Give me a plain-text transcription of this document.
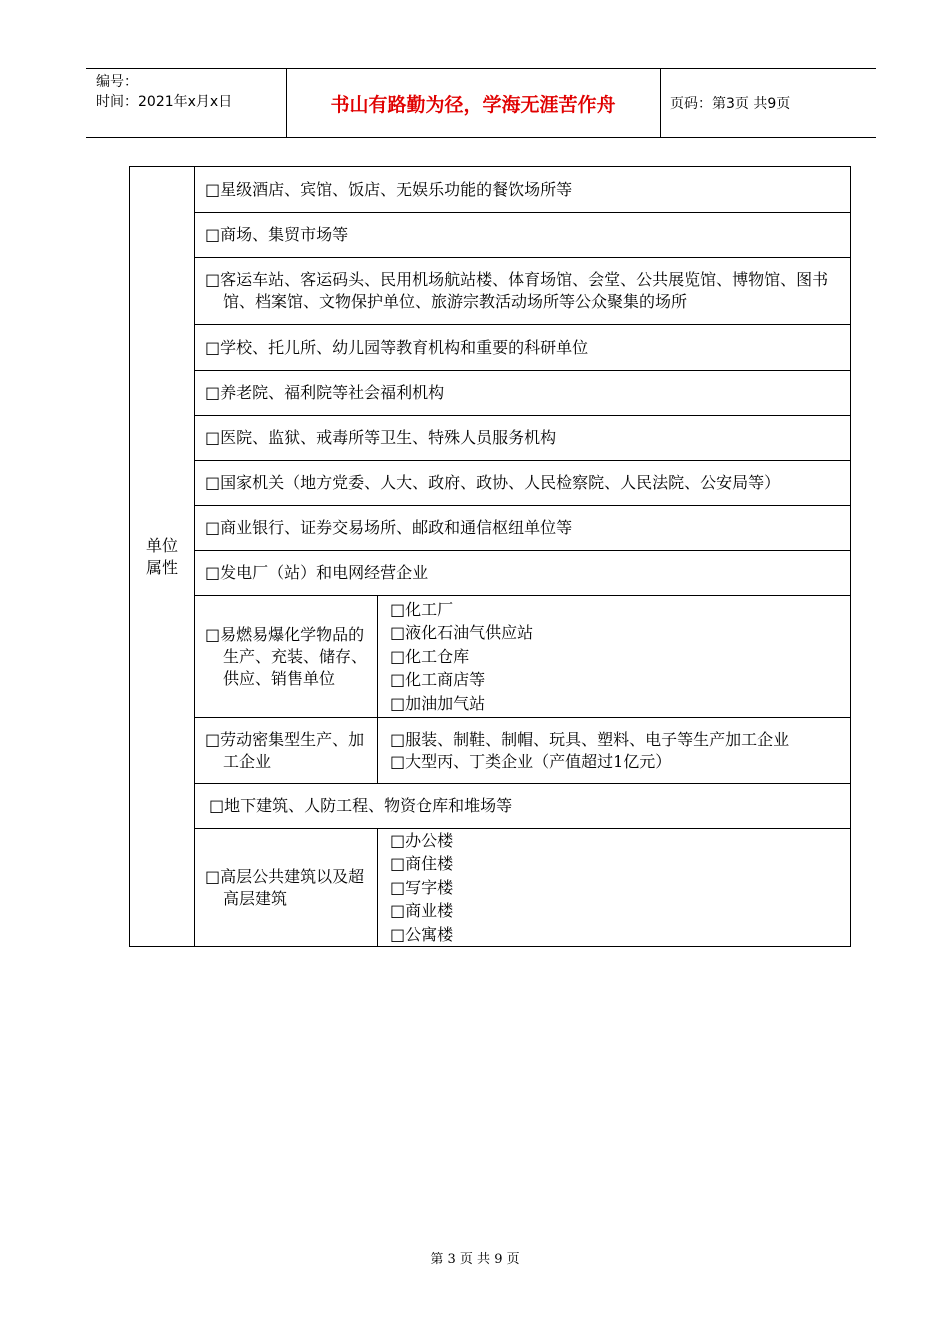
编号：
时间：2021年x月x日	书山有路勤为径，学海无涯苦作舟	页码：第3页 共9页
单位属性
□星级酒店、宾馆、饭店、无娱乐功能的餐饮场所等
□商场、集贸市场等
□客运车站、客运码头、民用机场航站楼、体育场馆、会堂、公共展览馆、博物馆、图书馆、档案馆、文物保护单位、旅游宗教活动场所等公众聚集的场所
□学校、托儿所、幼儿园等教育机构和重要的科研单位
□养老院、福利院等社会福利机构
□医院、监狱、戒毒所等卫生、特殊人员服务机构
□国家机关（地方党委、人大、政府、政协、人民检察院、人民法院、公安局等）
□商业银行、证券交易场所、邮政和通信枢纽单位等
□发电厂（站）和电网经营企业
□易燃易爆化学物品的生产、充装、储存、供应、销售单位
□化工厂
□液化石油气供应站
□化工仓库
□化工商店等
□加油加气站
□劳动密集型生产、加工企业
□服装、制鞋、制帽、玩具、塑料、电子等生产加工企业
□大型丙、丁类企业（产值超过1亿元）
□地下建筑、人防工程、物资仓库和堆场等
□高层公共建筑以及超高层建筑
□办公楼
□商住楼
□写字楼
□商业楼
□公寓楼
第 3 页 共 9 页
